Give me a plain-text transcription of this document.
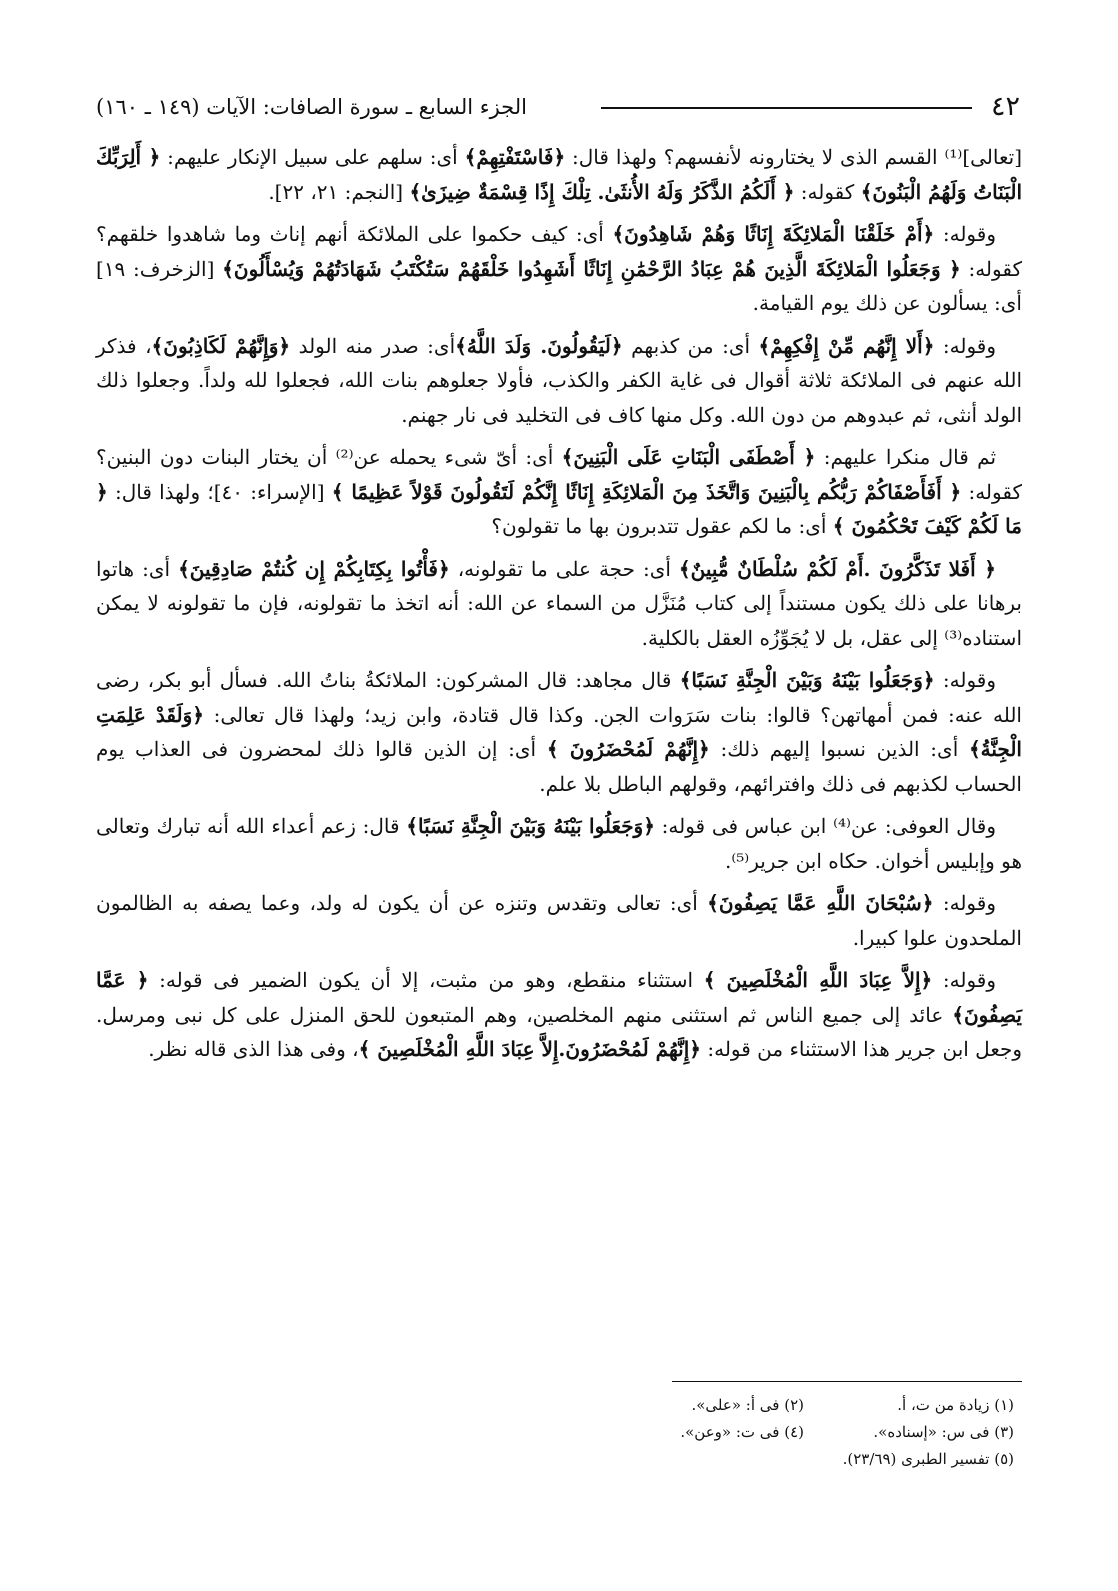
٤٢
الجزء السابع ـ سورة الصافات: الآيات (١٤٩ ـ ١٦٠)

[تعالى]⁽¹⁾ القسم الذى لا يختارونه لأنفسهم؟ ولهذا قال: ﴿فَاسْتَفْتِهِمْ﴾ أى: سلهم على سبيل الإنكار عليهم: ﴿ أَلِرَبِّكَ الْبَنَاتُ وَلَهُمُ الْبَنُونَ﴾ كقوله: ﴿ أَلَكُمُ الذَّكَرُ وَلَهُ الأُنثَىٰ. تِلْكَ إِذًا قِسْمَةٌ ضِيزَىٰ﴾ [النجم: ٢١، ٢٢].

وقوله: ﴿أَمْ خَلَقْنَا الْمَلائِكَةَ إِنَاثًا وَهُمْ شَاهِدُونَ﴾ أى: كيف حكموا على الملائكة أنهم إناث وما شاهدوا خلقهم؟ كقوله: ﴿ وَجَعَلُوا الْمَلائِكَةَ الَّذِينَ هُمْ عِبَادُ الرَّحْمَٰنِ إِنَاثًا أَشَهِدُوا خَلْقَهُمْ سَتُكْتَبُ شَهَادَتُهُمْ وَيُسْأَلُونَ﴾ [الزخرف: ١٩] أى: يسألون عن ذلك يوم القيامة.

وقوله: ﴿أَلا إِنَّهُم مِّنْ إِفْكِهِمْ﴾ أى: من كذبهم ﴿لَيَقُولُونَ. وَلَدَ اللَّهُ﴾أى: صدر منه الولد ﴿وَإِنَّهُمْ لَكَاذِبُونَ﴾، فذكر الله عنهم فى الملائكة ثلاثة أقوال فى غاية الكفر والكذب، فأولا جعلوهم بنات الله، فجعلوا لله ولداً. وجعلوا ذلك الولد أنثى، ثم عبدوهم من دون الله. وكل منها كاف فى التخليد فى نار جهنم.

ثم قال منكرا عليهم: ﴿ أَصْطَفَى الْبَنَاتِ عَلَى الْبَنِينَ﴾ أى: أىّ شىء يحمله عن⁽²⁾ أن يختار البنات دون البنين؟ كقوله: ﴿ أَفَأَصْفَاكُمْ رَبُّكُم بِالْبَنِينَ وَاتَّخَذَ مِنَ الْمَلائِكَةِ إِنَاثًا إِنَّكُمْ لَتَقُولُونَ قَوْلاً عَظِيمًا ﴾ [الإسراء: ٤٠]؛ ولهذا قال: ﴿ مَا لَكُمْ كَيْفَ تَحْكُمُونَ ﴾ أى: ما لكم عقول تتدبرون بها ما تقولون؟

﴿ أَفَلا تَذَكَّرُونَ .أَمْ لَكُمْ سُلْطَانٌ مُّبِينٌ﴾ أى: حجة على ما تقولونه، ﴿فَأْتُوا بِكِتَابِكُمْ إِن كُنتُمْ صَادِقِينَ﴾ أى: هاتوا برهانا على ذلك يكون مستنداً إلى كتاب مُنَزَّل من السماء عن الله: أنه اتخذ ما تقولونه، فإن ما تقولونه لا يمكن استناده⁽³⁾ إلى عقل، بل لا يُجَوِّزُه العقل بالكلية.

وقوله: ﴿وَجَعَلُوا بَيْنَهُ وَبَيْنَ الْجِنَّةِ نَسَبًا﴾ قال مجاهد: قال المشركون: الملائكةُ بناتُ الله. فسأل أبو بكر، رضى الله عنه: فمن أمهاتهن؟ قالوا: بنات سَرَوات الجن. وكذا قال قتادة، وابن زيد؛ ولهذا قال تعالى: ﴿وَلَقَدْ عَلِمَتِ الْجِنَّةُ﴾ أى: الذين نسبوا إليهم ذلك: ﴿إِنَّهُمْ لَمُحْضَرُونَ ﴾ أى: إن الذين قالوا ذلك لمحضرون فى العذاب يوم الحساب لكذبهم فى ذلك وافترائهم، وقولهم الباطل بلا علم.

وقال العوفى: عن⁽⁴⁾ ابن عباس فى قوله: ﴿وَجَعَلُوا بَيْنَهُ وَبَيْنَ الْجِنَّةِ نَسَبًا﴾ قال: زعم أعداء الله أنه تبارك وتعالى هو وإبليس أخوان. حكاه ابن جرير⁽⁵⁾.

وقوله: ﴿سُبْحَانَ اللَّهِ عَمَّا يَصِفُونَ﴾ أى: تعالى وتقدس وتنزه عن أن يكون له ولد، وعما يصفه به الظالمون الملحدون علوا كبيرا.

وقوله: ﴿إِلاَّ عِبَادَ اللَّهِ الْمُخْلَصِينَ ﴾ استثناء منقطع، وهو من مثبت، إلا أن يكون الضمير فى قوله: ﴿ عَمَّا يَصِفُونَ﴾ عائد إلى جميع الناس ثم استثنى منهم المخلصين، وهم المتبعون للحق المنزل على كل نبى ومرسل. وجعل ابن جرير هذا الاستثناء من قوله: ﴿إِنَّهُمْ لَمُحْضَرُونَ.إِلاَّ عِبَادَ اللَّهِ الْمُخْلَصِينَ ﴾، وفى هذا الذى قاله نظر.

(١) زيادة من ت، أ.
(٢) فى أ: «على».
(٣) فى س: «إسناده».
(٤) فى ت: «وعن».
(٥) تفسير الطبرى (٢٣/٦٩).
